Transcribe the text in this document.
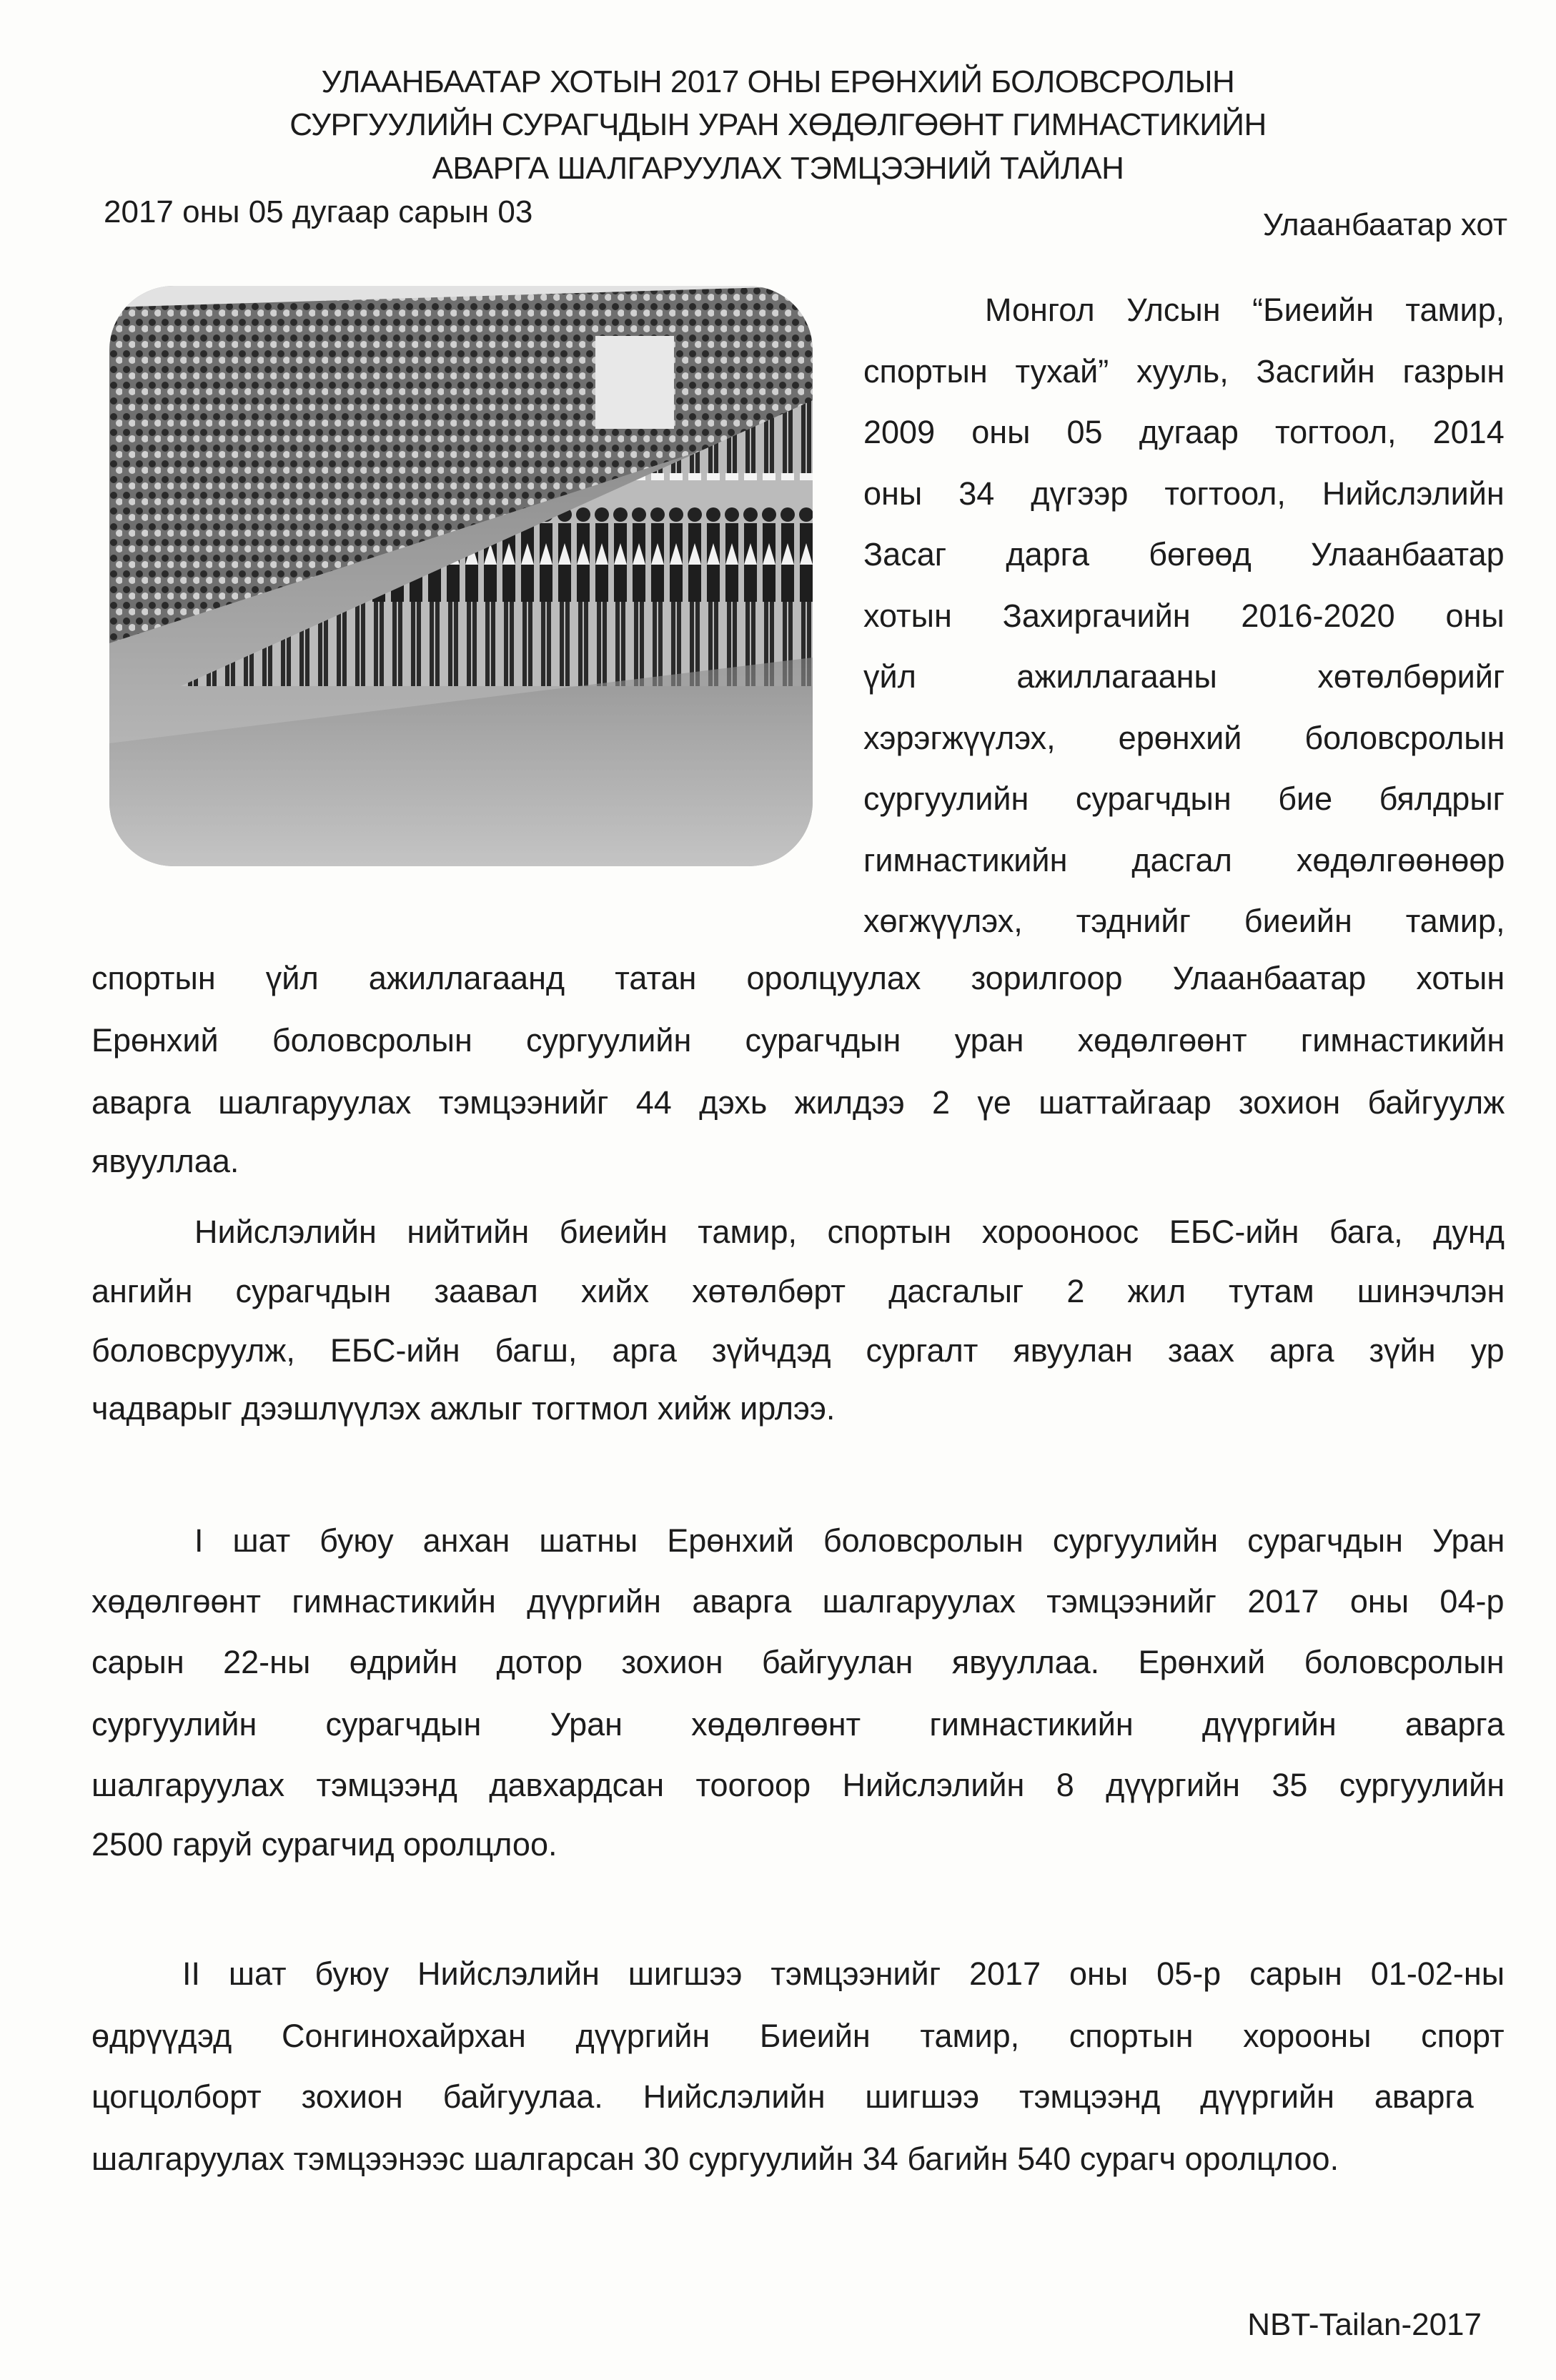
УЛААНБААТАР ХОТЫН 2017 ОНЫ ЕРӨНХИЙ БОЛОВСРОЛЫН
СУРГУУЛИЙН СУРАГЧДЫН УРАН ХӨДӨЛГӨӨНТ ГИМНАСТИКИЙН
АВАРГА ШАЛГАРУУЛАХ ТЭМЦЭЭНИЙ ТАЙЛАН
2017 оны 05 дугаар сарын 03	Улаанбаатар хот
Монгол Улсын “Биеийн тамир,
спортын тухай” хууль, Засгийн газрын
2009 оны 05 дугаар тогтоол, 2014
оны 34 дүгээр тогтоол, Нийслэлийн
Засаг дарга бөгөөд Улаанбаатар
хотын Захиргачийн 2016-2020 оны
үйл ажиллагааны хөтөлбөрийг
хэрэгжүүлэх, ерөнхий боловсролын
сургуулийн сурагчдын бие бялдрыг
гимнастикийн дасгал хөдөлгөөнөөр
хөгжүүлэх, тэднийг биеийн тамир,
спортын үйл ажиллагаанд татан оролцуулах зорилгоор Улаанбаатар хотын
Ерөнхий боловсролын сургуулийн сурагчдын уран хөдөлгөөнт гимнастикийн
аварга шалгаруулах тэмцээнийг 44 дэхь жилдээ 2 үе шаттайгаар зохион байгуулж
явууллаа.
Нийслэлийн нийтийн биеийн тамир, спортын хорооноос ЕБС-ийн бага, дунд
ангийн сурагчдын заавал хийх хөтөлбөрт дасгалыг 2 жил тутам шинэчлэн
боловсруулж, ЕБС-ийн багш, арга зүйчдэд сургалт явуулан заах арга зүйн ур
чадварыг дээшлүүлэх ажлыг тогтмол хийж ирлээ.
I шат буюу анхан шатны Ерөнхий боловсролын сургуулийн сурагчдын Уран
хөдөлгөөнт гимнастикийн дүүргийн аварга шалгаруулах тэмцээнийг 2017 оны 04-р
сарын 22-ны өдрийн дотор зохион байгуулан явууллаа. Ерөнхий боловсролын
сургуулийн сурагчдын Уран хөдөлгөөнт гимнастикийн дүүргийн аварга
шалгаруулах тэмцээнд давхардсан тоогоор Нийслэлийн 8 дүүргийн 35 сургуулийн
2500 гаруй сурагчид оролцлоо.
II шат буюу Нийслэлийн шигшээ тэмцээнийг 2017 оны 05-р сарын 01-02-ны
өдрүүдэд Сонгинохайрхан дүүргийн Биеийн тамир, спортын хорооны спорт
цогцолборт зохион байгуулаа. Нийслэлийн шигшээ тэмцээнд дүүргийн аварга
шалгаруулах тэмцээнээс шалгарсан 30 сургуулийн 34 багийн 540 сурагч оролцлоо.
NBT-Tailan-2017
